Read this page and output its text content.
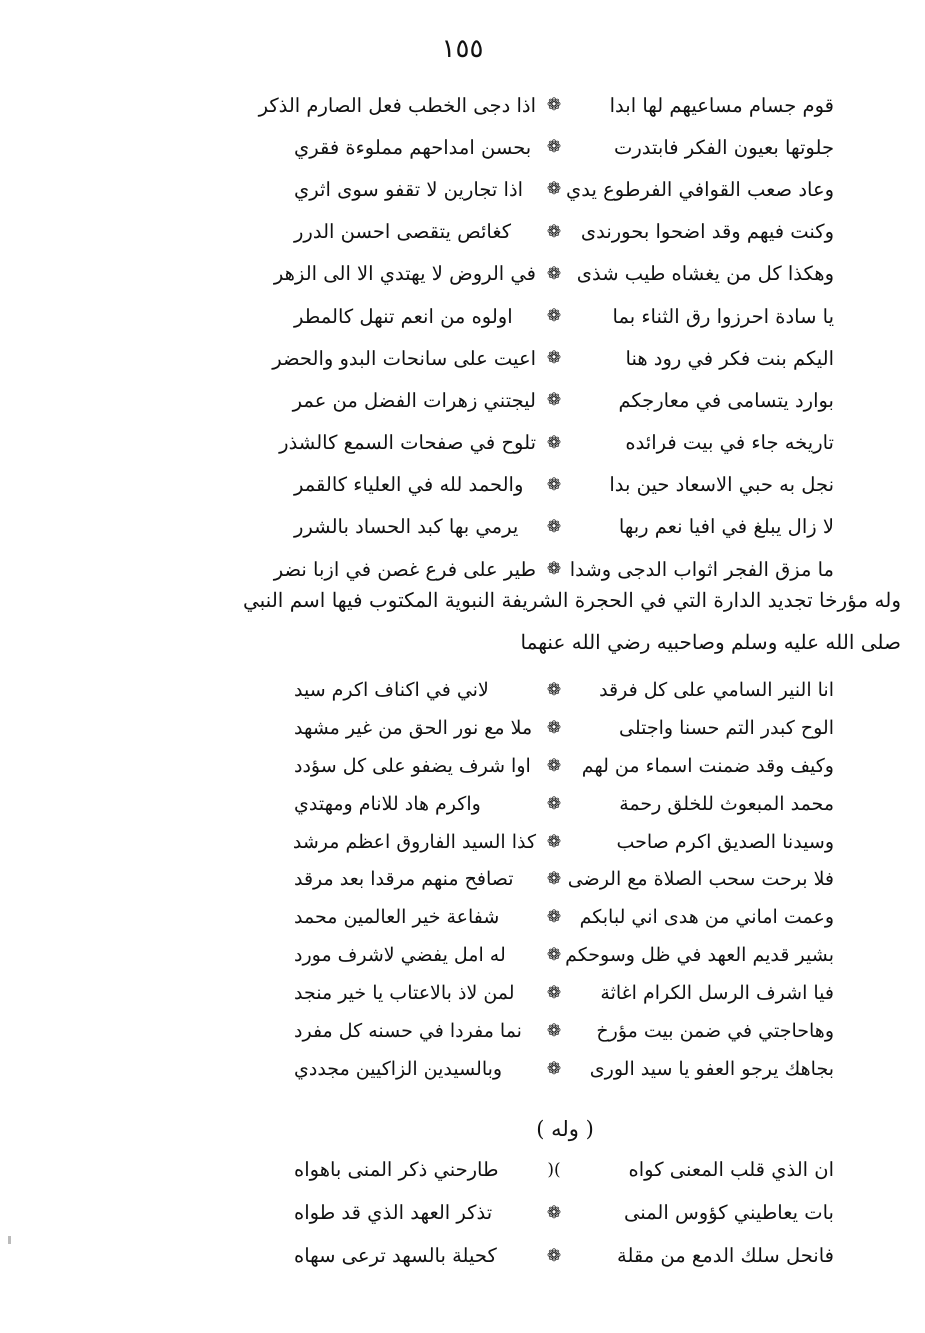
١٥٥
قوم جسام مساعيهم لها ابدا
❁
اذا دجى الخطب فعل الصارم الذكر
جلوتها بعيون الفكر فابتدرت
❁
بحسن امداحهم مملوءة فقري
وعاد صعب القوافي الفرطوع يدي
❁
اذا تجارين لا تقفو سوى اثري
وكنت فيهم وقد اضحوا بحورندى
❁
كغائص يتقصى احسن الدرر
وهكذا كل من يغشاه طيب شذى
❁
في الروض لا يهتدي الا الى الزهر
يا سادة احرزوا رق الثناء بما
❁
اولوه من انعم تنهل كالمطر
اليكم بنت فكر في رود هنا
❁
اعيت على سانحات البدو والحضر
بوارد يتسامى في معارجكم
❁
ليجتني زهرات الفضل من عمر
تاريخه جاء في بيت فرائده
❁
تلوح في صفحات السمع كالشذر
نجل به حبي الاسعاد حين بدا
❁
والحمد لله في العلياء كالقمر
لا زال يبلغ في افيا نعم ربها
❁
يرمي بها كبد الحساد بالشرر
ما مزق الفجر اثواب الدجى وشدا
❁
طير على فرع غصن في ازبا نضر
وله مؤرخا تجديد الدارة التي في الحجرة الشريفة النبوية المكتوب فيها اسم النبي
صلى الله عليه وسلم وصاحبيه رضي الله عنهما
انا النير السامي على كل فرقد
❁
لاني في اكناف اكرم سيد
الوح كبدر التم حسنا واجتلى
❁
ملا مع نور الحق من غير مشهد
وكيف وقد ضمنت اسماء من لهم
❁
اوا شرف يضفو على كل سؤدد
محمد المبعوث للخلق رحمة
❁
واكرم هاد للانام ومهتدي
وسيدنا الصديق اكرم صاحب
❁
كذا السيد الفاروق اعظم مرشد
فلا برحت سحب الصلاة مع الرضى
❁
تصافح منهم مرقدا بعد مرقد
وعمت اماني من هدى اني لبابكم
❁
شفاعة خير العالمين محمد
بشير قديم العهد في ظل وسوحكم
❁
له امل يفضي لاشرف مورد
فيا اشرف الرسل الكرام اغاثة
❁
لمن لاذ بالاعتاب يا خير منجد
وهاحاجتي في ضمن بيت مؤرخ
❁
نما مفردا في حسنه كل مفرد
بجاهك يرجو العفو يا سيد الورى
❁
وبالسيدين الزاكيين مجددي
( وله )
ان الذي قلب المعنى كواه
)(
طارحني ذكر المنى باهواه
بات يعاطيني كؤوس المنى
❁
تذكر العهد الذي قد طواه
فانحل سلك الدمع من مقلة
❁
كحيلة بالسهد ترعى سهاه
